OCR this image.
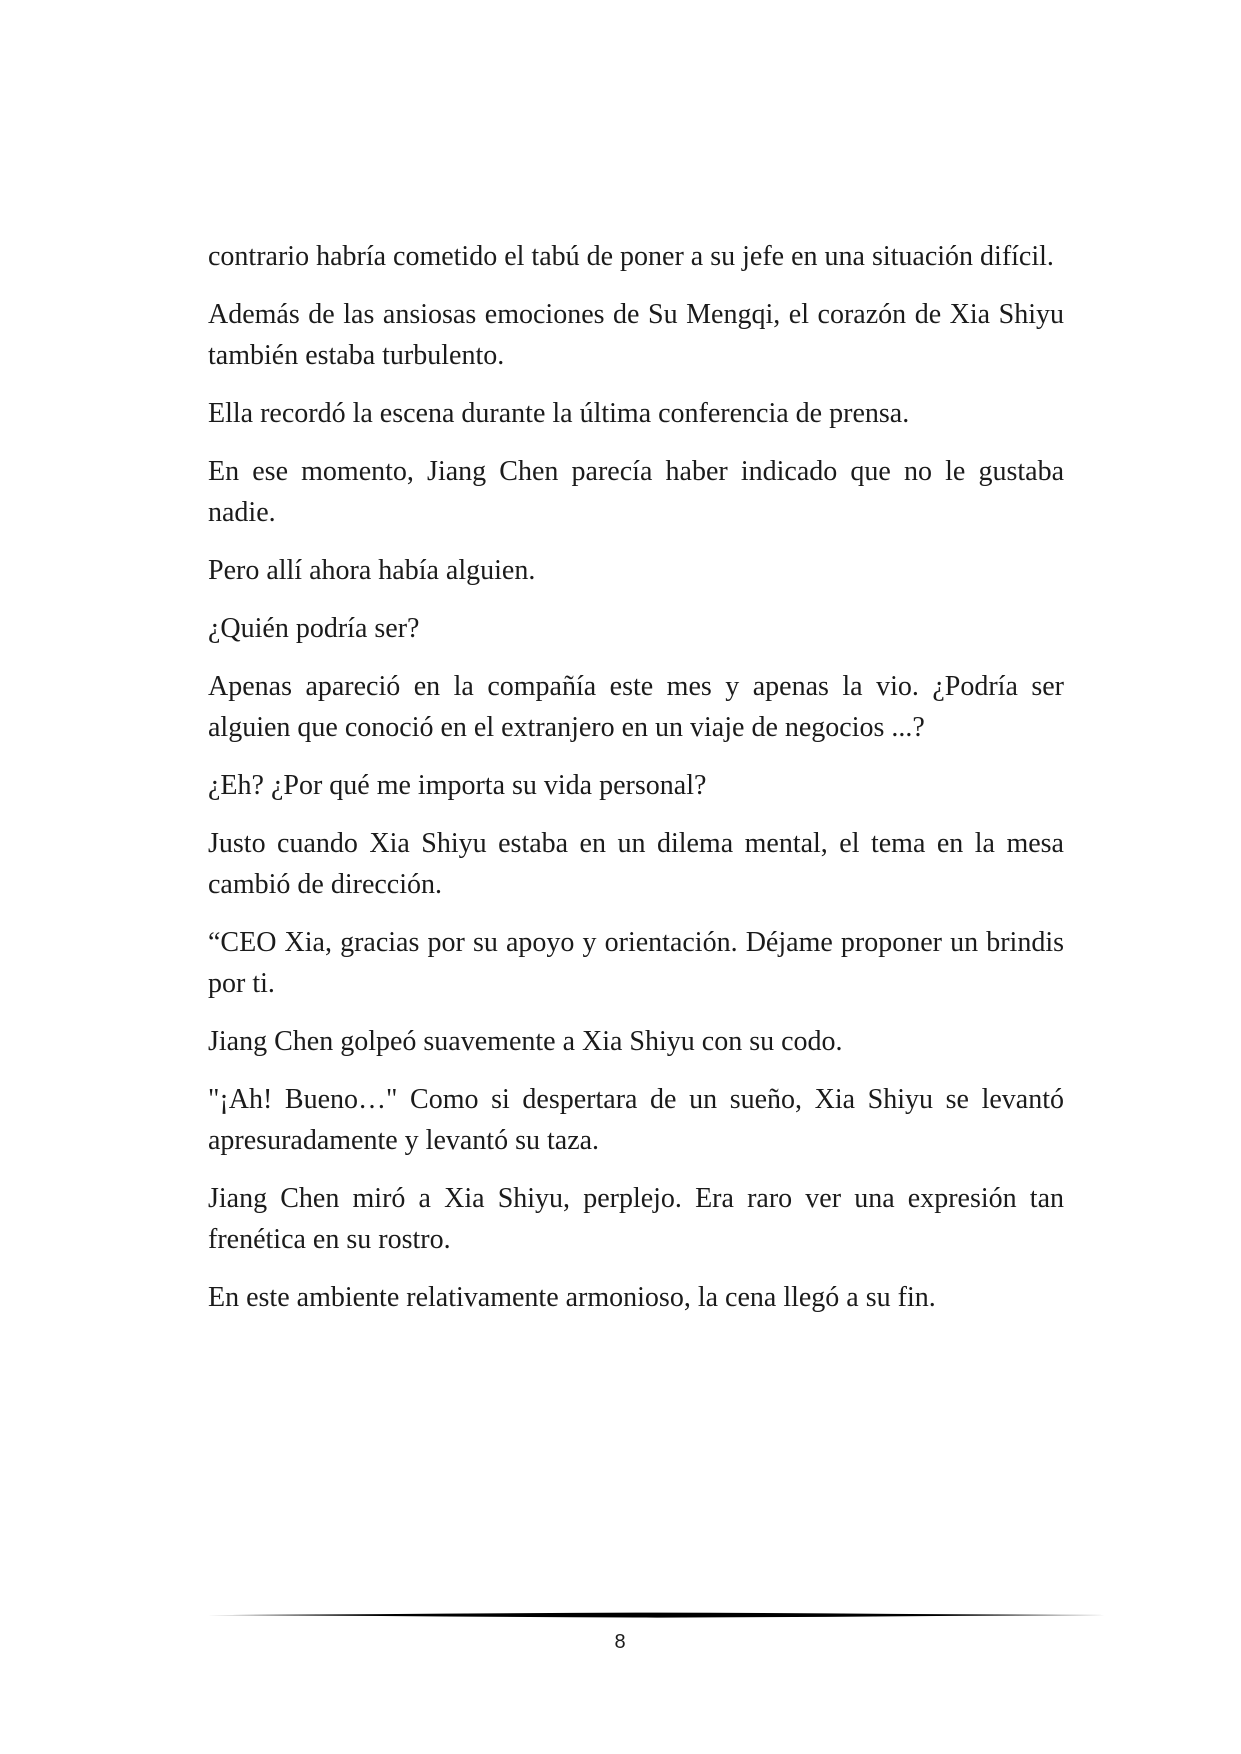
contrario habría cometido el tabú de poner a su jefe en una situación difícil.

Además de las ansiosas emociones de Su Mengqi, el corazón de Xia Shiyu también estaba turbulento.

Ella recordó la escena durante la última conferencia de prensa.

En ese momento, Jiang Chen parecía haber indicado que no le gustaba nadie.

Pero allí ahora había alguien.

¿Quién podría ser?

Apenas apareció en la compañía este mes y apenas la vio. ¿Podría ser alguien que conoció en el extranjero en un viaje de negocios ...?

¿Eh? ¿Por qué me importa su vida personal?

Justo cuando Xia Shiyu estaba en un dilema mental, el tema en la mesa cambió de dirección.

“CEO Xia, gracias por su apoyo y orientación. Déjame proponer un brindis por ti.

Jiang Chen golpeó suavemente a Xia Shiyu con su codo.

"¡Ah! Bueno…" Como si despertara de un sueño, Xia Shiyu se levantó apresuradamente y levantó su taza.

Jiang Chen miró a Xia Shiyu, perplejo. Era raro ver una expresión tan frenética en su rostro.

En este ambiente relativamente armonioso, la cena llegó a su fin.

8
